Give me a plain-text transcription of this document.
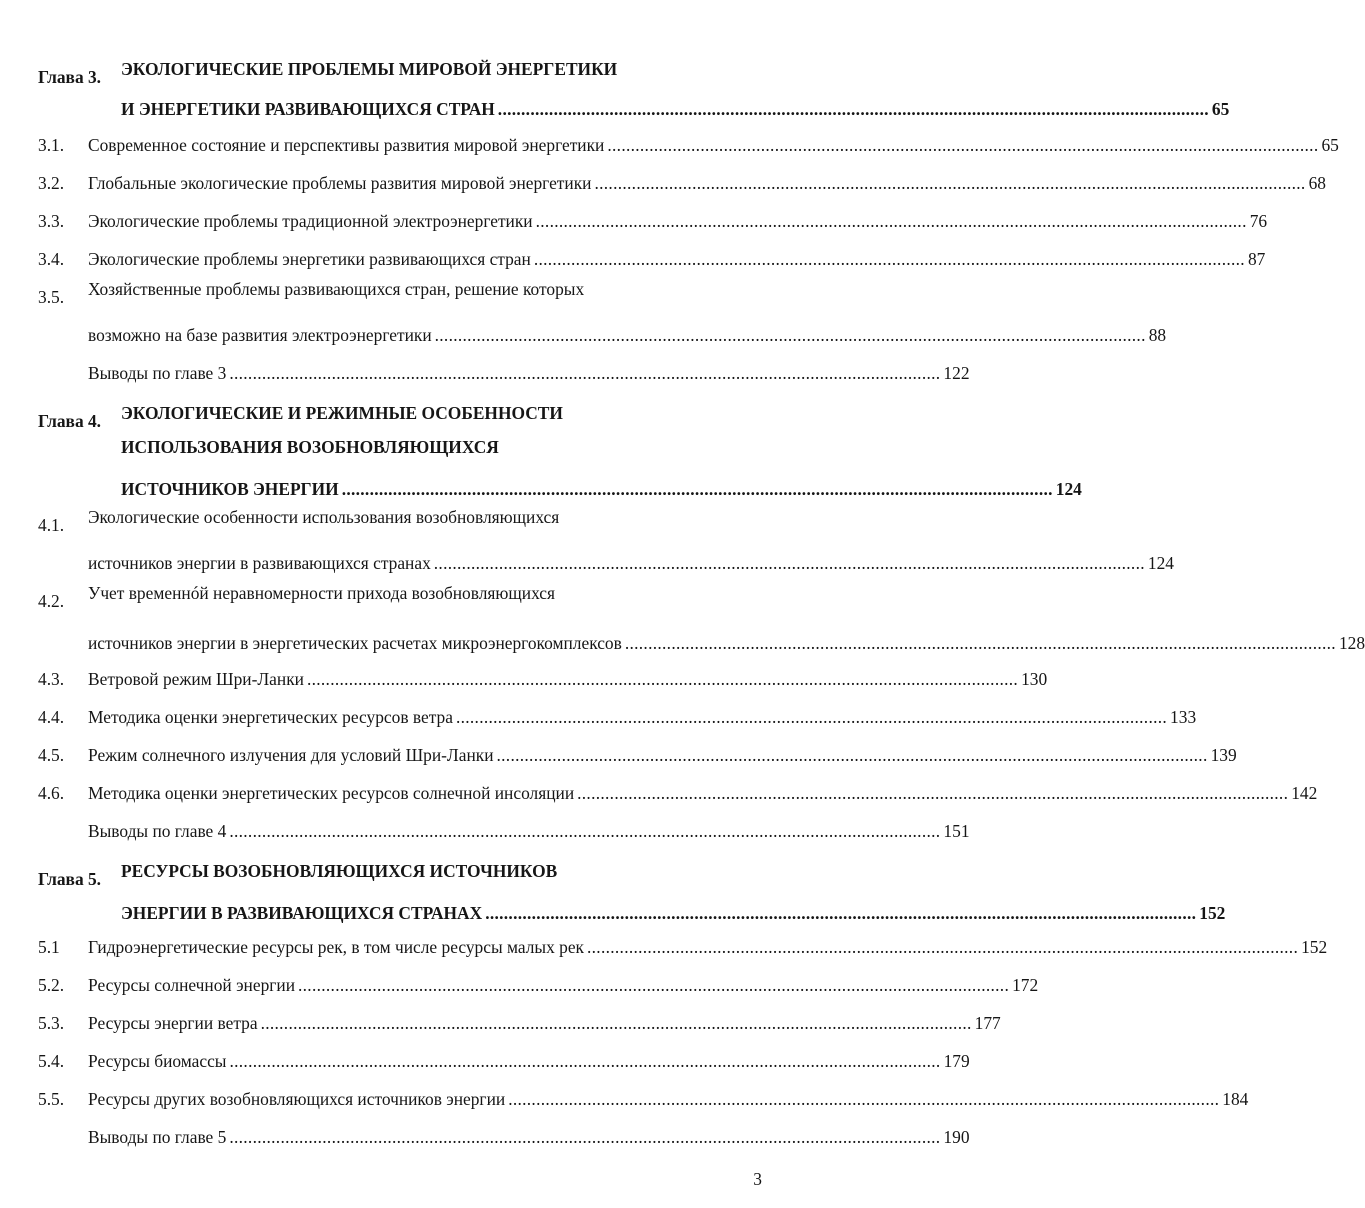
Глава 3. ЭКОЛОГИЧЕСКИЕ ПРОБЛЕМЫ МИРОВОЙ ЭНЕРГЕТИКИ
И ЭНЕРГЕТИКИ РАЗВИВАЮЩИХСЯ СТРАН ......................................................................................................................................................... 65
3.1. Современное состояние и перспективы развития мировой энергетики ......................................................................................................................................................... 65
3.2. Глобальные экологические проблемы развития мировой энергетики ......................................................................................................................................................... 68
3.3. Экологические проблемы традиционной электроэнергетики ......................................................................................................................................................... 76
3.4. Экологические проблемы энергетики развивающихся стран ......................................................................................................................................................... 87
3.5. Хозяйственные проблемы развивающихся стран, решение которых
возможно на базе развития электроэнергетики ......................................................................................................................................................... 88
Выводы по главе 3 ......................................................................................................................................................... 122
Глава 4. ЭКОЛОГИЧЕСКИЕ И РЕЖИМНЫЕ ОСОБЕННОСТИ
ИСПОЛЬЗОВАНИЯ ВОЗОБНОВЛЯЮЩИХСЯ
ИСТОЧНИКОВ ЭНЕРГИИ ......................................................................................................................................................... 124
4.1. Экологические особенности использования возобновляющихся
источников энергии в развивающихся странах ......................................................................................................................................................... 124
4.2. Учет временнóй неравномерности прихода возобновляющихся
источников энергии в энергетических расчетах микроэнергокомплексов ......................................................................................................................................................... 128
4.3. Ветровой режим Шри-Ланки ......................................................................................................................................................... 130
4.4. Методика оценки энергетических ресурсов ветра ......................................................................................................................................................... 133
4.5. Режим солнечного излучения для условий Шри-Ланки ......................................................................................................................................................... 139
4.6. Методика оценки энергетических ресурсов солнечной инсоляции ......................................................................................................................................................... 142
Выводы по главе 4 ......................................................................................................................................................... 151
Глава 5. РЕСУРСЫ ВОЗОБНОВЛЯЮЩИХСЯ ИСТОЧНИКОВ
ЭНЕРГИИ В РАЗВИВАЮЩИХСЯ СТРАНАХ ......................................................................................................................................................... 152
5.1 Гидроэнергетические ресурсы рек, в том числе ресурсы малых рек ......................................................................................................................................................... 152
5.2. Ресурсы солнечной энергии ......................................................................................................................................................... 172
5.3. Ресурсы энергии ветра ......................................................................................................................................................... 177
5.4. Ресурсы биомассы ......................................................................................................................................................... 179
5.5. Ресурсы других возобновляющихся источников энергии ......................................................................................................................................................... 184
Выводы по главе 5 ......................................................................................................................................................... 190
3
